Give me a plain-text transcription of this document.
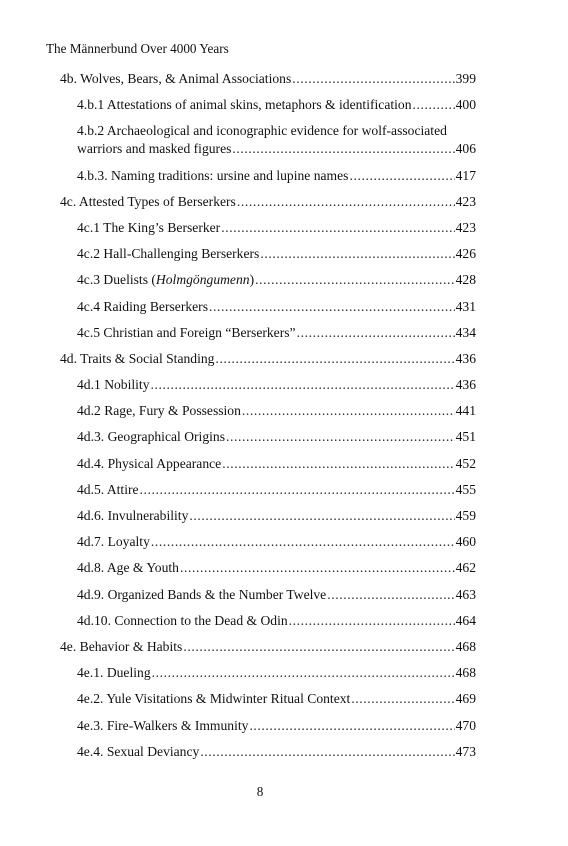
The Männerbund Over 4000 Years
4b. Wolves, Bears, & Animal Associations .....	399
4.b.1 Attestations of animal skins, metaphors & identification .....	400
4.b.2 Archaeological and iconographic evidence for wolf-associated
warriors and masked figures .....	406
4.b.3. Naming traditions: ursine and lupine names .....	417
4c. Attested Types of Berserkers .....	423
4c.1 The King’s Berserker .....	423
4c.2 Hall-Challenging Berserkers .....	426
4c.3 Duelists (Holmgöngumenn) .....	428
4c.4 Raiding Berserkers .....	431
4c.5 Christian and Foreign “Berserkers” .....	434
4d. Traits & Social Standing .....	436
4d.1 Nobility .....	436
4d.2 Rage, Fury & Possession .....	441
4d.3. Geographical Origins .....	451
4d.4. Physical Appearance .....	452
4d.5. Attire .....	455
4d.6. Invulnerability .....	459
4d.7. Loyalty .....	460
4d.8. Age & Youth .....	462
4d.9. Organized Bands & the Number Twelve .....	463
4d.10. Connection to the Dead & Odin .....	464
4e. Behavior & Habits .....	468
4e.1. Dueling .....	468
4e.2. Yule Visitations & Midwinter Ritual Context .....	469
4e.3. Fire-Walkers & Immunity .....	470
4e.4. Sexual Deviancy .....	473
8
